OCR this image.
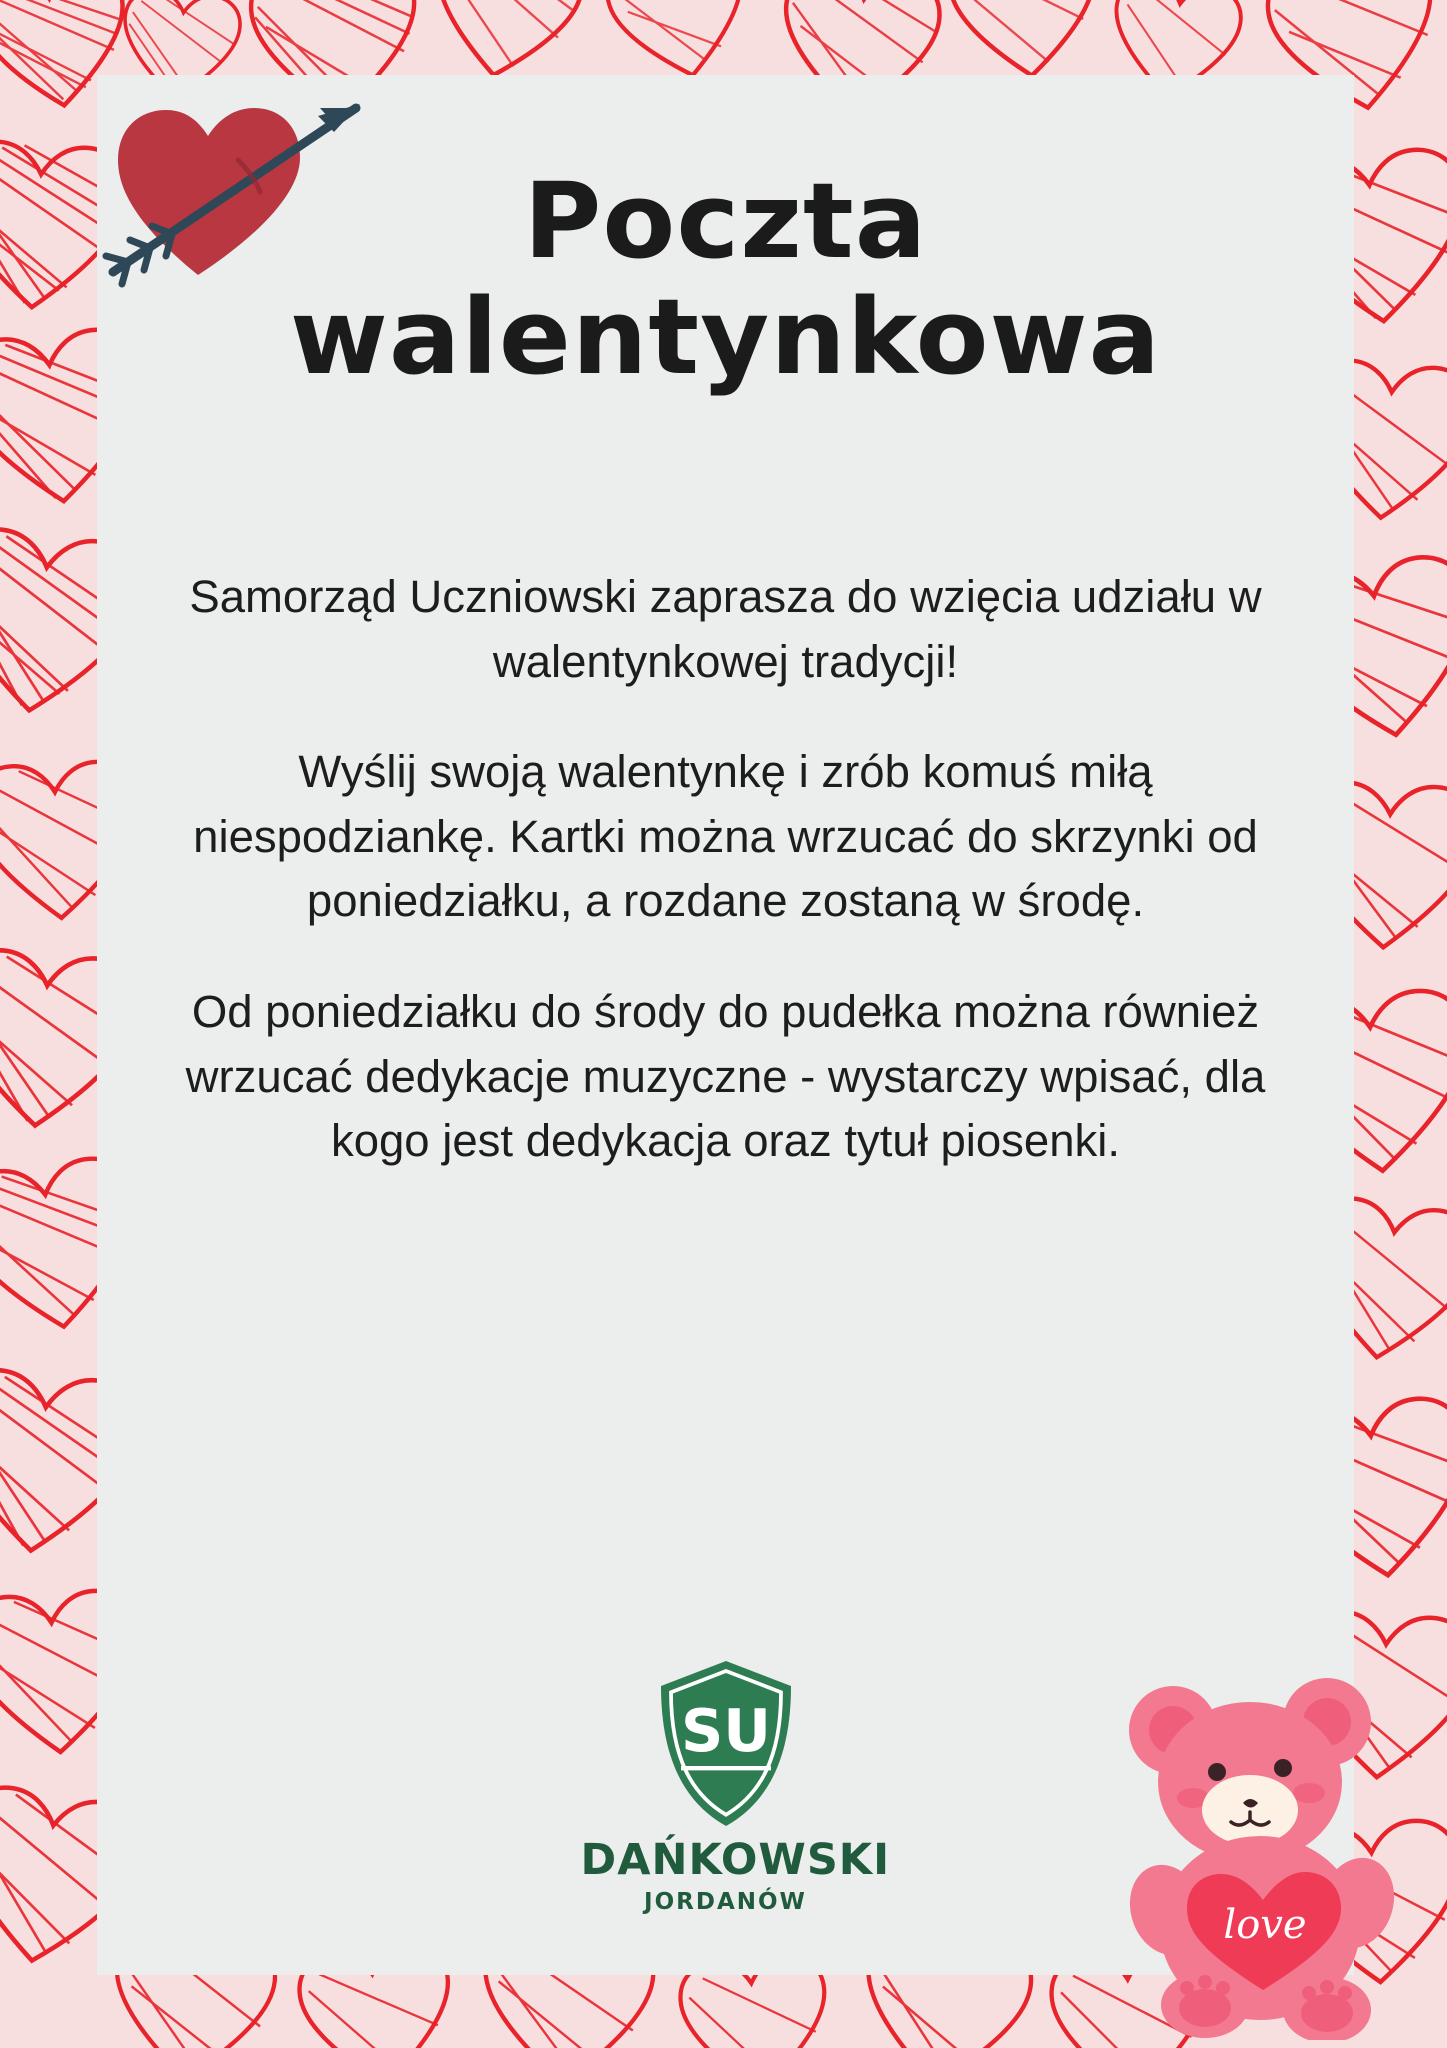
Poczta
walentynkowa

Samorząd Uczniowski zaprasza do wzięcia udziału w walentynkowej tradycji!

Wyślij swoją walentynkę i zrób komuś miłą niespodziankę. Kartki można wrzucać do skrzynki od poniedziałku, a rozdane zostaną w środę.

Od poniedziałku do środy do pudełka można również wrzucać dedykacje muzyczne - wystarczy wpisać, dla kogo jest dedykacja oraz tytuł piosenki.

SU
DAŃKOWSKI
JORDANÓW	love
